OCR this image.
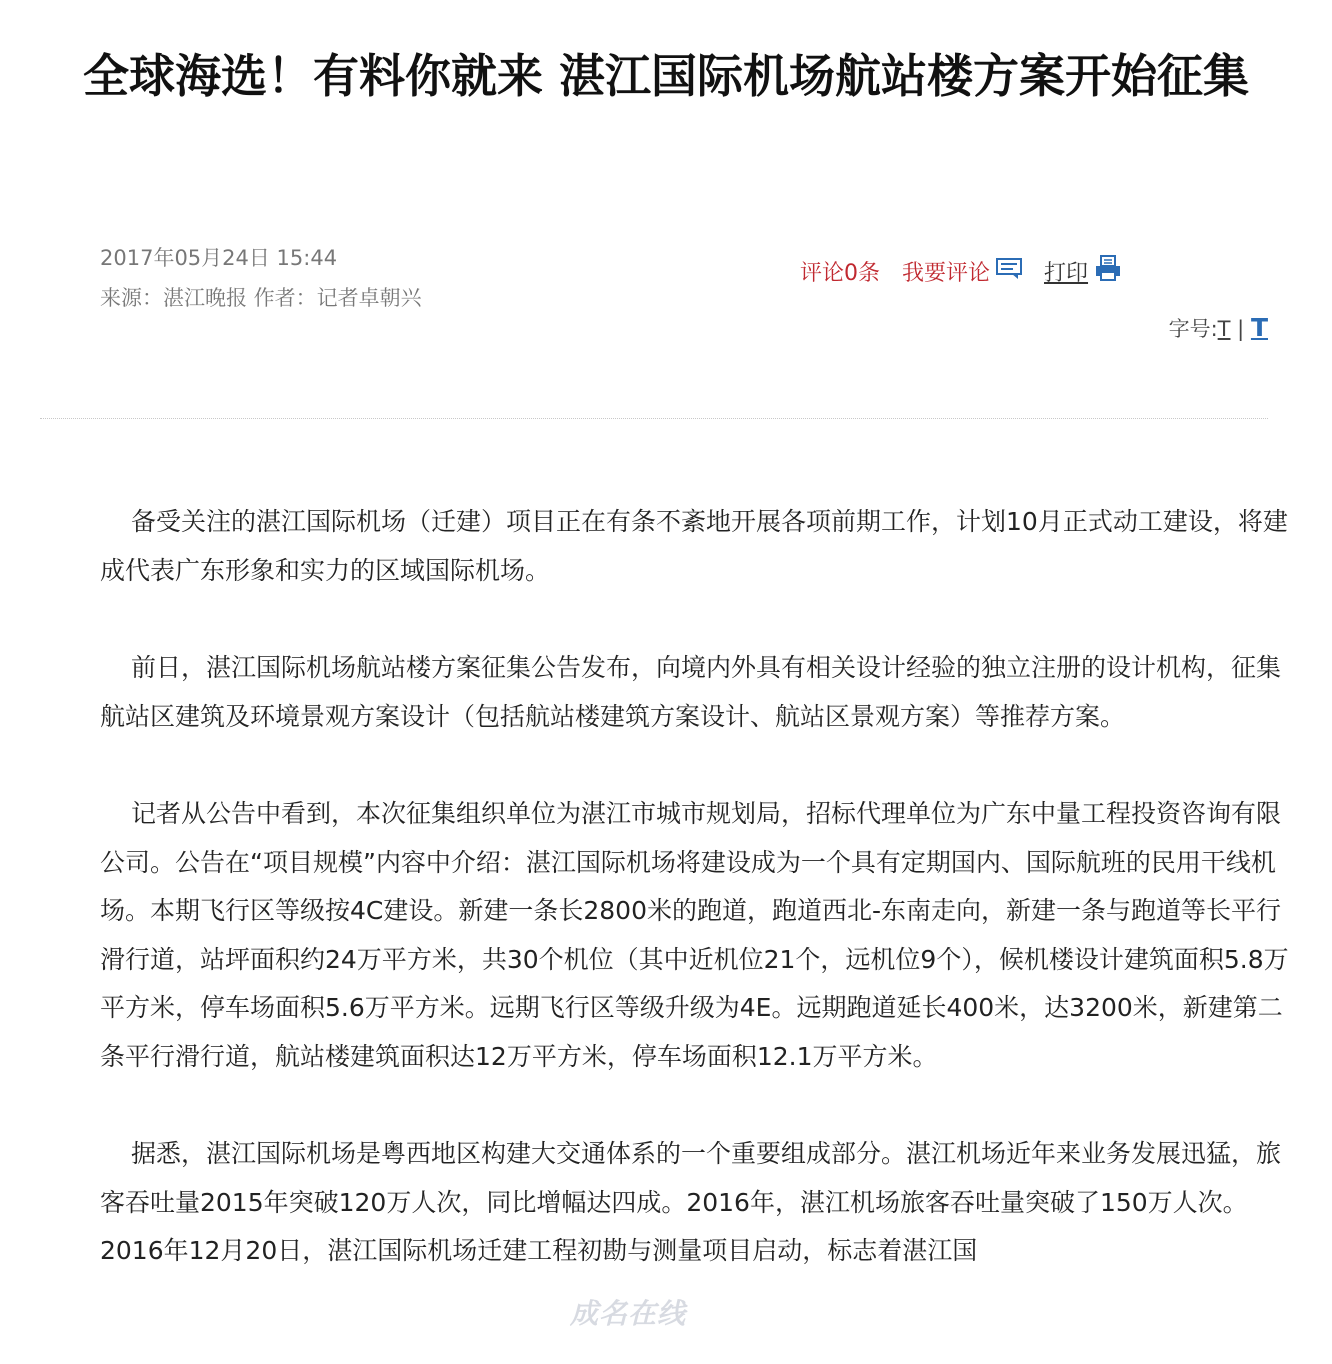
全球海选！有料你就来 湛江国际机场航站楼方案开始征集
2017年05月24日 15:44
来源：湛江晚报 作者：记者卓朝兴
评论0条 我要评论 打印
字号:T | T

备受关注的湛江国际机场（迁建）项目正在有条不紊地开展各项前期工作，计划10月正式动工建设，将建成代表广东形象和实力的区域国际机场。

前日，湛江国际机场航站楼方案征集公告发布，向境内外具有相关设计经验的独立注册的设计机构，征集航站区建筑及环境景观方案设计（包括航站楼建筑方案设计、航站区景观方案）等推荐方案。

记者从公告中看到，本次征集组织单位为湛江市城市规划局，招标代理单位为广东中量工程投资咨询有限公司。公告在“项目规模”内容中介绍：湛江国际机场将建设成为一个具有定期国内、国际航班的民用干线机场。本期飞行区等级按4C建设。新建一条长2800米的跑道，跑道西北-东南走向，新建一条与跑道等长平行滑行道，站坪面积约24万平方米，共30个机位（其中近机位21个，远机位9个），候机楼设计建筑面积5.8万平方米，停车场面积5.6万平方米。远期飞行区等级升级为4E。远期跑道延长400米，达3200米，新建第二条平行滑行道，航站楼建筑面积达12万平方米，停车场面积12.1万平方米。

据悉，湛江国际机场是粤西地区构建大交通体系的一个重要组成部分。湛江机场近年来业务发展迅猛，旅客吞吐量2015年突破120万人次，同比增幅达四成。2016年，湛江机场旅客吞吐量突破了150万人次。2016年12月20日，湛江国际机场迁建工程初勘与测量项目启动，标志着湛江国

成名在线
